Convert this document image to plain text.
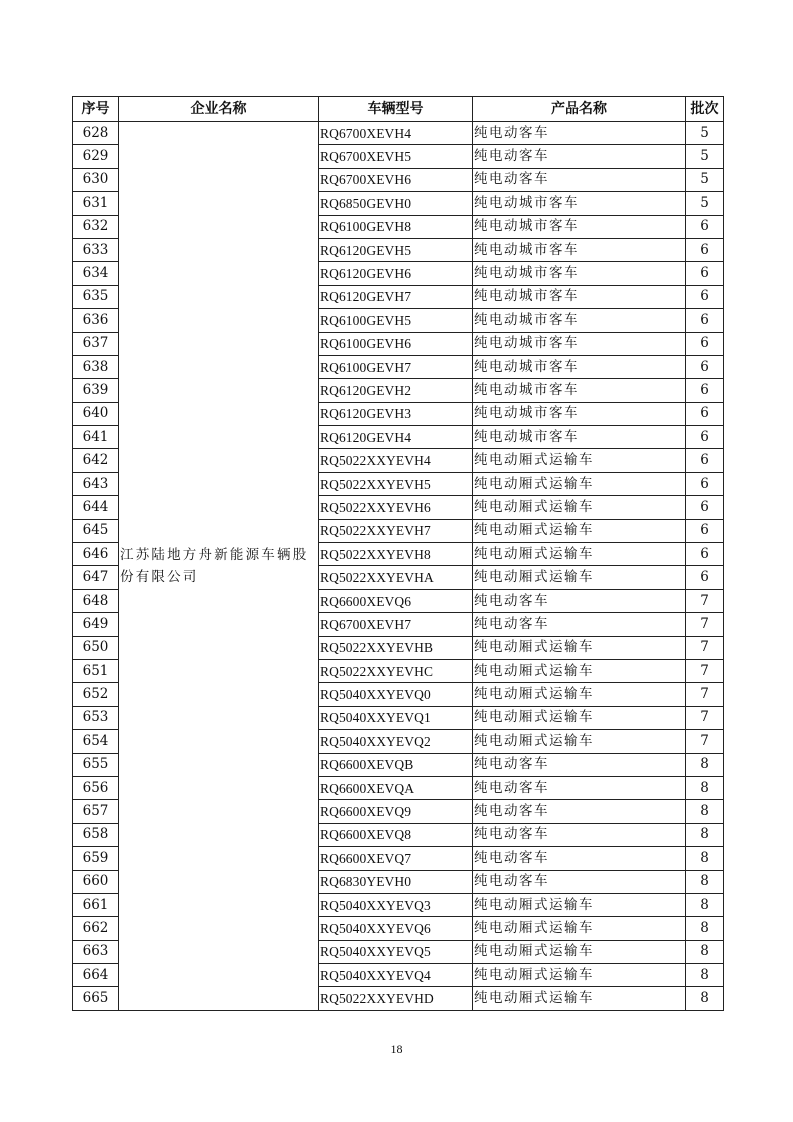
序号	企业名称	车辆型号	产品名称	批次
628	江苏陆地方舟新能源车辆股份有限公司	RQ6700XEVH4	纯电动客车	5
629		RQ6700XEVH5	纯电动客车	5
630		RQ6700XEVH6	纯电动客车	5
631		RQ6850GEVH0	纯电动城市客车	5
632		RQ6100GEVH8	纯电动城市客车	6
633		RQ6120GEVH5	纯电动城市客车	6
634		RQ6120GEVH6	纯电动城市客车	6
635		RQ6120GEVH7	纯电动城市客车	6
636		RQ6100GEVH5	纯电动城市客车	6
637		RQ6100GEVH6	纯电动城市客车	6
638		RQ6100GEVH7	纯电动城市客车	6
639		RQ6120GEVH2	纯电动城市客车	6
640		RQ6120GEVH3	纯电动城市客车	6
641		RQ6120GEVH4	纯电动城市客车	6
642		RQ5022XXYEVH4	纯电动厢式运输车	6
643		RQ5022XXYEVH5	纯电动厢式运输车	6
644		RQ5022XXYEVH6	纯电动厢式运输车	6
645		RQ5022XXYEVH7	纯电动厢式运输车	6
646		RQ5022XXYEVH8	纯电动厢式运输车	6
647		RQ5022XXYEVHA	纯电动厢式运输车	6
648		RQ6600XEVQ6	纯电动客车	7
649		RQ6700XEVH7	纯电动客车	7
650		RQ5022XXYEVHB	纯电动厢式运输车	7
651		RQ5022XXYEVHC	纯电动厢式运输车	7
652		RQ5040XXYEVQ0	纯电动厢式运输车	7
653		RQ5040XXYEVQ1	纯电动厢式运输车	7
654		RQ5040XXYEVQ2	纯电动厢式运输车	7
655		RQ6600XEVQB	纯电动客车	8
656		RQ6600XEVQA	纯电动客车	8
657		RQ6600XEVQ9	纯电动客车	8
658		RQ6600XEVQ8	纯电动客车	8
659		RQ6600XEVQ7	纯电动客车	8
660		RQ6830YEVH0	纯电动客车	8
661		RQ5040XXYEVQ3	纯电动厢式运输车	8
662		RQ5040XXYEVQ6	纯电动厢式运输车	8
663		RQ5040XXYEVQ5	纯电动厢式运输车	8
664		RQ5040XXYEVQ4	纯电动厢式运输车	8
665		RQ5022XXYEVHD	纯电动厢式运输车	8
18
